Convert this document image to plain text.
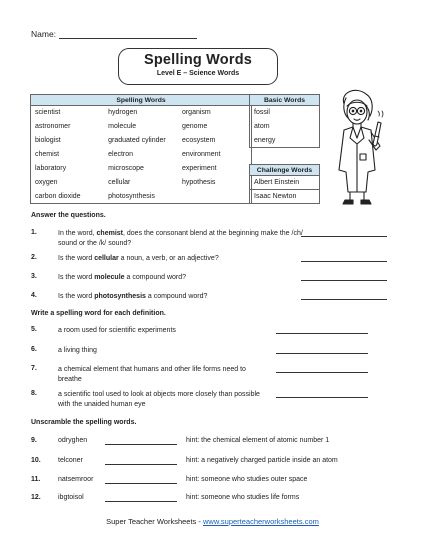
Name:
Spelling Words
Level E – Science Words
Spelling Words		
scientist	hydrogen	organism
astronomer	molecule	genome
biologist	graduated cylinder	ecosystem
chemist	electron	environment
laboratory	microscope	experiment
oxygen	cellular	hypothesis
carbon dioxide	photosynthesis	
Basic Words
fossil
atom
energy
Challenge Words
Albert Einstein
Isaac Newton
Answer the questions.
1.	In the word, chemist, does the consonant blend at the beginning make the /ch/ sound or the /k/ sound?
2.	Is the word cellular a noun, a verb, or an adjective?
3.	Is the word molecule a compound word?
4.	Is the word photosynthesis a compound word?
Write a spelling word for each definition.
5.	a room used for scientific experiments
6.	a living thing
7.	a chemical element that humans and other life forms need to breathe
8.	a scientific tool used to look at objects more closely than possible with the unaided human eye
Unscramble the spelling words.
9.	odryghen	hint: the chemical element of atomic number 1
10. telconer	hint: a negatively charged particle inside an atom
11.	natsemroor	hint: someone who studies outer space
12. ibgtoisol	hint: someone who studies life forms
Super Teacher Worksheets - www.superteacherworksheets.com
